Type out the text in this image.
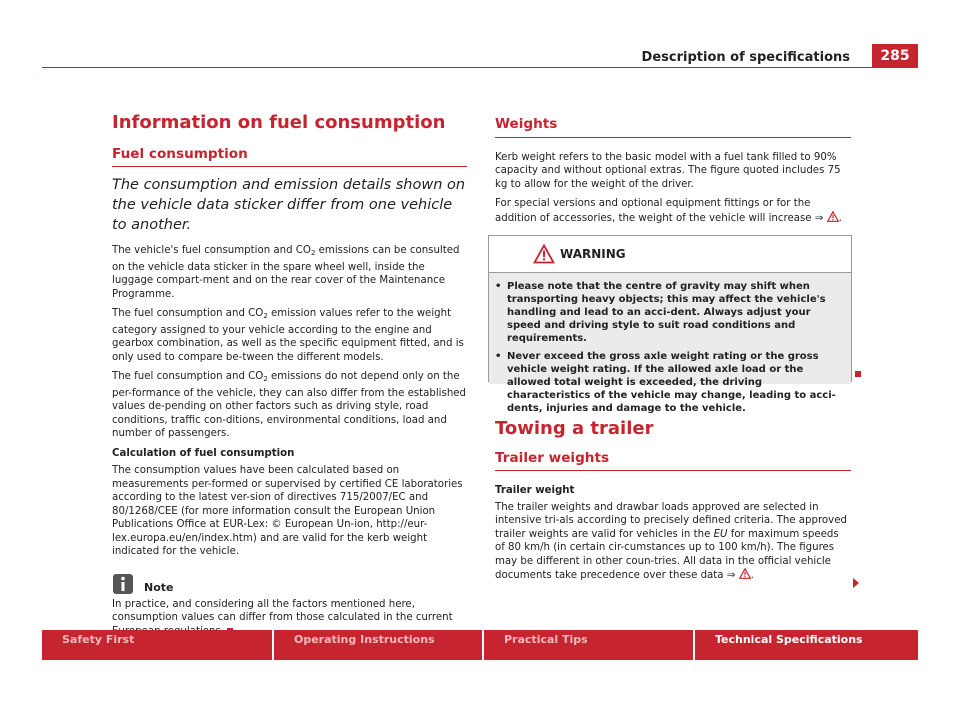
Description of specifications	285
Information on fuel consumption
Fuel consumption

The consumption and emission details shown on the vehicle data sticker differ from one vehicle to another.

The vehicle's fuel consumption and $CO_2$ emissions can be consulted on the vehicle data sticker in the spare wheel well, inside the luggage compart-ment and on the rear cover of the Maintenance Programme.

The fuel consumption and $CO_2$ emission values refer to the weight category assigned to your vehicle according to the engine and gearbox combination, as well as the specific equipment fitted, and is only used to compare be-tween the different models.

The fuel consumption and $CO_2$ emissions do not depend only on the per-formance of the vehicle, they can also differ from the established values de-pending on other factors such as driving style, road conditions, traffic con-ditions, environmental conditions, load and number of passengers.

Calculation of fuel consumption

The consumption values have been calculated based on measurements per-formed or supervised by certified CE laboratories according to the latest ver-sion of directives 715/2007/EC and 80/1268/CEE (for more information consult the European Union Publications Office at EUR-Lex: © European Un-ion, http://eur-lex.europa.eu/en/index.htm) and are valid for the kerb weight indicated for the vehicle.

Note

In practice, and considering all the factors mentioned here, consumption values can differ from those calculated in the current

Weights

Kerb weight refers to the basic model with a fuel tank filled to 90% capacity and without optional extras. The figure quoted includes 75 kg to allow for the weight of the driver.

For special versions and optional equipment fittings or for the addition of accessories, the weight of the vehicle will increase ⇒ .

WARNING
• Please note that the centre of gravity may shift when transporting heavy objects; this may affect the vehicle's handling and lead to an acci-dent. Always adjust your speed and driving style to suit road conditions and requirements.
• Never exceed the gross axle weight rating or the gross vehicle weight rating. If the allowed axle load or the allowed total weight is exceeded, the driving characteristics of the vehicle may change, leading to acci-dents, injuries and damage to the vehicle.
Towing a trailer
Trailer weights

Trailer weight

The trailer weights and drawbar loads approved are selected in intensive tri-als according to precisely defined criteria. The approved trailer weights are valid for vehicles in the EU for maximum speeds of 80 km/h (in certain cir-cumstances up to 100 km/h). The figures may be different in other coun-tries. All data in the official vehicle documents take precedence over these data ⇒ .

Safety First	Operating Instructions	Practical Tips	Technical Specifications
